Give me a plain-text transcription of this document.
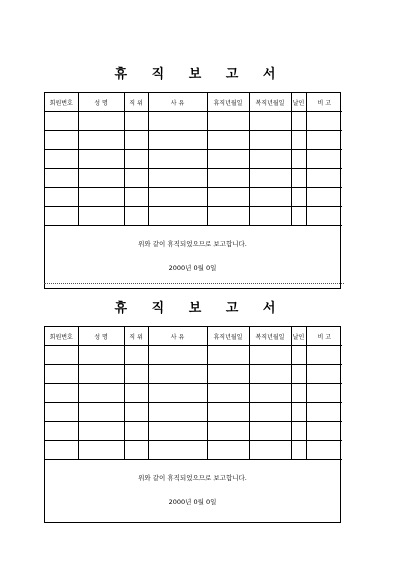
휴 직 보 고 서
회원번호	성 명	직 위	사 유	휴직년월일	복직년월일	날인	비 고

위와 같이 휴직되었으므로 보고합니다.
2000년 0월 0일
휴 직 보 고 서
회원번호	성 명	직 위	사 유	휴직년월일	복직년월일	날인	비 고

위와 같이 휴직되었으므로 보고합니다.
2000년 0월 0일
